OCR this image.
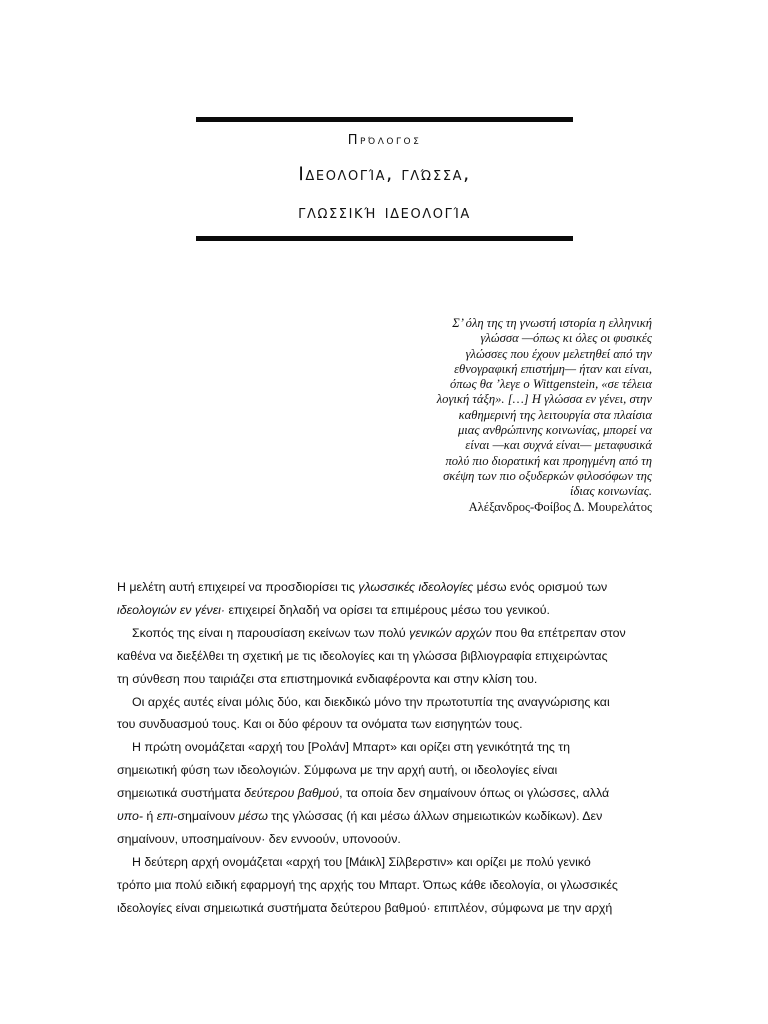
Πρόλογος
Ιδεολογία, γλώσσα,
γλωσσική ιδεολογία
Σ’ όλη της τη γνωστή ιστορία η ελληνική
γλώσσα —όπως κι όλες οι φυσικές
γλώσσες που έχουν μελετηθεί από την
εθνογραφική επιστήμη— ήταν και είναι,
όπως θα ’λεγε ο Wittgenstein, «σε τέλεια
λογική τάξη». […] Η γλώσσα εν γένει, στην
καθημερινή της λειτουργία στα πλαίσια
μιας ανθρώπινης κοινωνίας, μπορεί να
είναι —και συχνά είναι— μεταφυσικά
πολύ πιο διορατική και προηγμένη από τη
σκέψη των πιο οξυδερκών φιλοσόφων της
ίδιας κοινωνίας.
Αλέξανδρος-Φοίβος Δ. Μουρελάτος
Η μελέτη αυτή επιχειρεί να προσδιορίσει τις γλωσσικές ιδεολογίες μέσω ενός ορισμού των
ιδεολογιών εν γένει· επιχειρεί δηλαδή να ορίσει τα επιμέρους μέσω του γενικού.
Σκοπός της είναι η παρουσίαση εκείνων των πολύ γενικών αρχών που θα επέτρεπαν στον
καθένα να διεξέλθει τη σχετική με τις ιδεολογίες και τη γλώσσα βιβλιογραφία επιχειρώντας
τη σύνθεση που ταιριάζει στα επιστημονικά ενδιαφέροντα και στην κλίση του.
Οι αρχές αυτές είναι μόλις δύο, και διεκδικώ μόνο την πρωτοτυπία της αναγνώρισης και
του συνδυασμού τους. Και οι δύο φέρουν τα ονόματα των εισηγητών τους.
Η πρώτη ονομάζεται «αρχή του [Ρολάν] Μπαρτ» και ορίζει στη γενικότητά της τη
σημειωτική φύση των ιδεολογιών. Σύμφωνα με την αρχή αυτή, οι ιδεολογίες είναι
σημειωτικά συστήματα δεύτερου βαθμού, τα οποία δεν σημαίνουν όπως οι γλώσσες, αλλά
υπο- ή επι-σημαίνουν μέσω της γλώσσας (ή και μέσω άλλων σημειωτικών κωδίκων). Δεν
σημαίνουν, υποσημαίνουν· δεν εννοούν, υπονοούν.
Η δεύτερη αρχή ονομάζεται «αρχή του [Μάικλ] Σίλβερστιν» και ορίζει με πολύ γενικό
τρόπο μια πολύ ειδική εφαρμογή της αρχής του Μπαρτ. Όπως κάθε ιδεολογία, οι γλωσσικές
ιδεολογίες είναι σημειωτικά συστήματα δεύτερου βαθμού· επιπλέον, σύμφωνα με την αρχή
